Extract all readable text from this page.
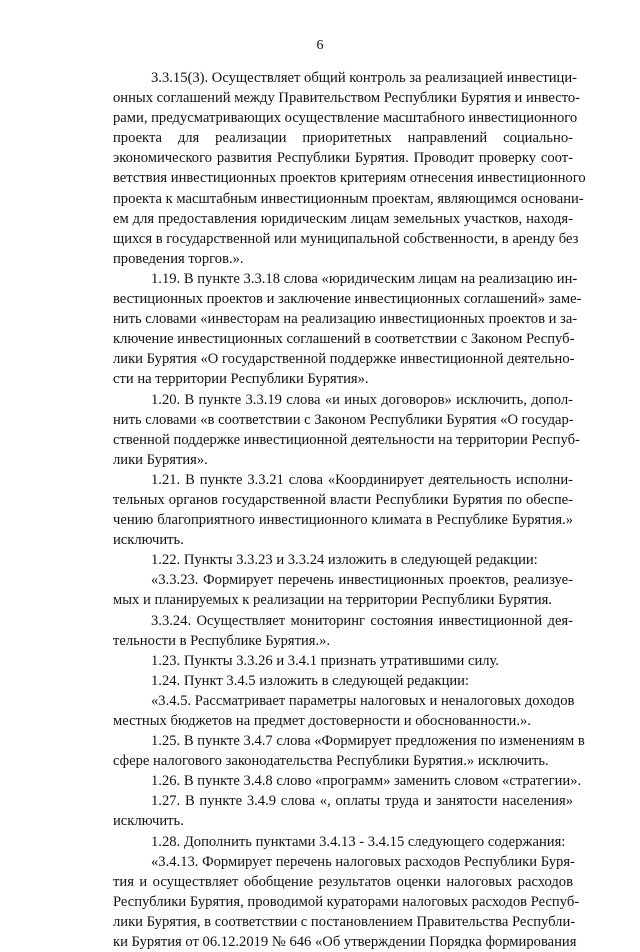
6
3.3.15(3). Осуществляет общий контроль за реализацией инвестици-
онных соглашений между Правительством Республики Бурятия и инвесто-
рами, предусматривающих осуществление масштабного инвестиционного
проекта для реализации приоритетных направлений социально-
экономического развития Республики Бурятия. Проводит проверку соот-
ветствия инвестиционных проектов критериям отнесения инвестиционного
проекта к масштабным инвестиционным проектам, являющимся основани-
ем для предоставления юридическим лицам земельных участков, находя-
щихся в государственной или муниципальной собственности, в аренду без
проведения торгов.».
1.19. В пункте 3.3.18 слова «юридическим лицам на реализацию ин-
вестиционных проектов и заключение инвестиционных соглашений» заме-
нить словами «инвесторам на реализацию инвестиционных проектов и за-
ключение инвестиционных соглашений в соответствии с Законом Респуб-
лики Бурятия «О государственной поддержке инвестиционной деятельно-
сти на территории Республики Бурятия».
1.20. В пункте 3.3.19 слова «и иных договоров» исключить, допол-
нить словами «в соответствии с Законом Республики Бурятия «О государ-
ственной поддержке инвестиционной деятельности на территории Респуб-
лики Бурятия».
1.21. В пункте 3.3.21 слова «Координирует деятельность исполни-
тельных органов государственной власти Республики Бурятия по обеспе-
чению благоприятного инвестиционного климата в Республике Бурятия.»
исключить.
1.22. Пункты 3.3.23 и 3.3.24 изложить в следующей редакции:
«3.3.23. Формирует перечень инвестиционных проектов, реализуе-
мых и планируемых к реализации на территории Республики Бурятия.
3.3.24. Осуществляет мониторинг состояния инвестиционной дея-
тельности в Республике Бурятия.».
1.23. Пункты 3.3.26 и 3.4.1 признать утратившими силу.
1.24. Пункт 3.4.5 изложить в следующей редакции:
«3.4.5. Рассматривает параметры налоговых и неналоговых доходов
местных бюджетов на предмет достоверности и обоснованности.».
1.25. В пункте 3.4.7 слова «Формирует предложения по изменениям в
сфере налогового законодательства Республики Бурятия.» исключить.
1.26. В пункте 3.4.8 слово «программ» заменить словом «стратегии».
1.27. В пункте 3.4.9 слова «, оплаты труда и занятости населения»
исключить.
1.28. Дополнить пунктами 3.4.13 - 3.4.15 следующего содержания:
«3.4.13. Формирует перечень налоговых расходов Республики Буря-
тия и осуществляет обобщение результатов оценки налоговых расходов
Республики Бурятия, проводимой кураторами налоговых расходов Респуб-
лики Бурятия, в соответствии с постановлением Правительства Республи-
ки Бурятия от 06.12.2019 № 646 «Об утверждении Порядка формирования
